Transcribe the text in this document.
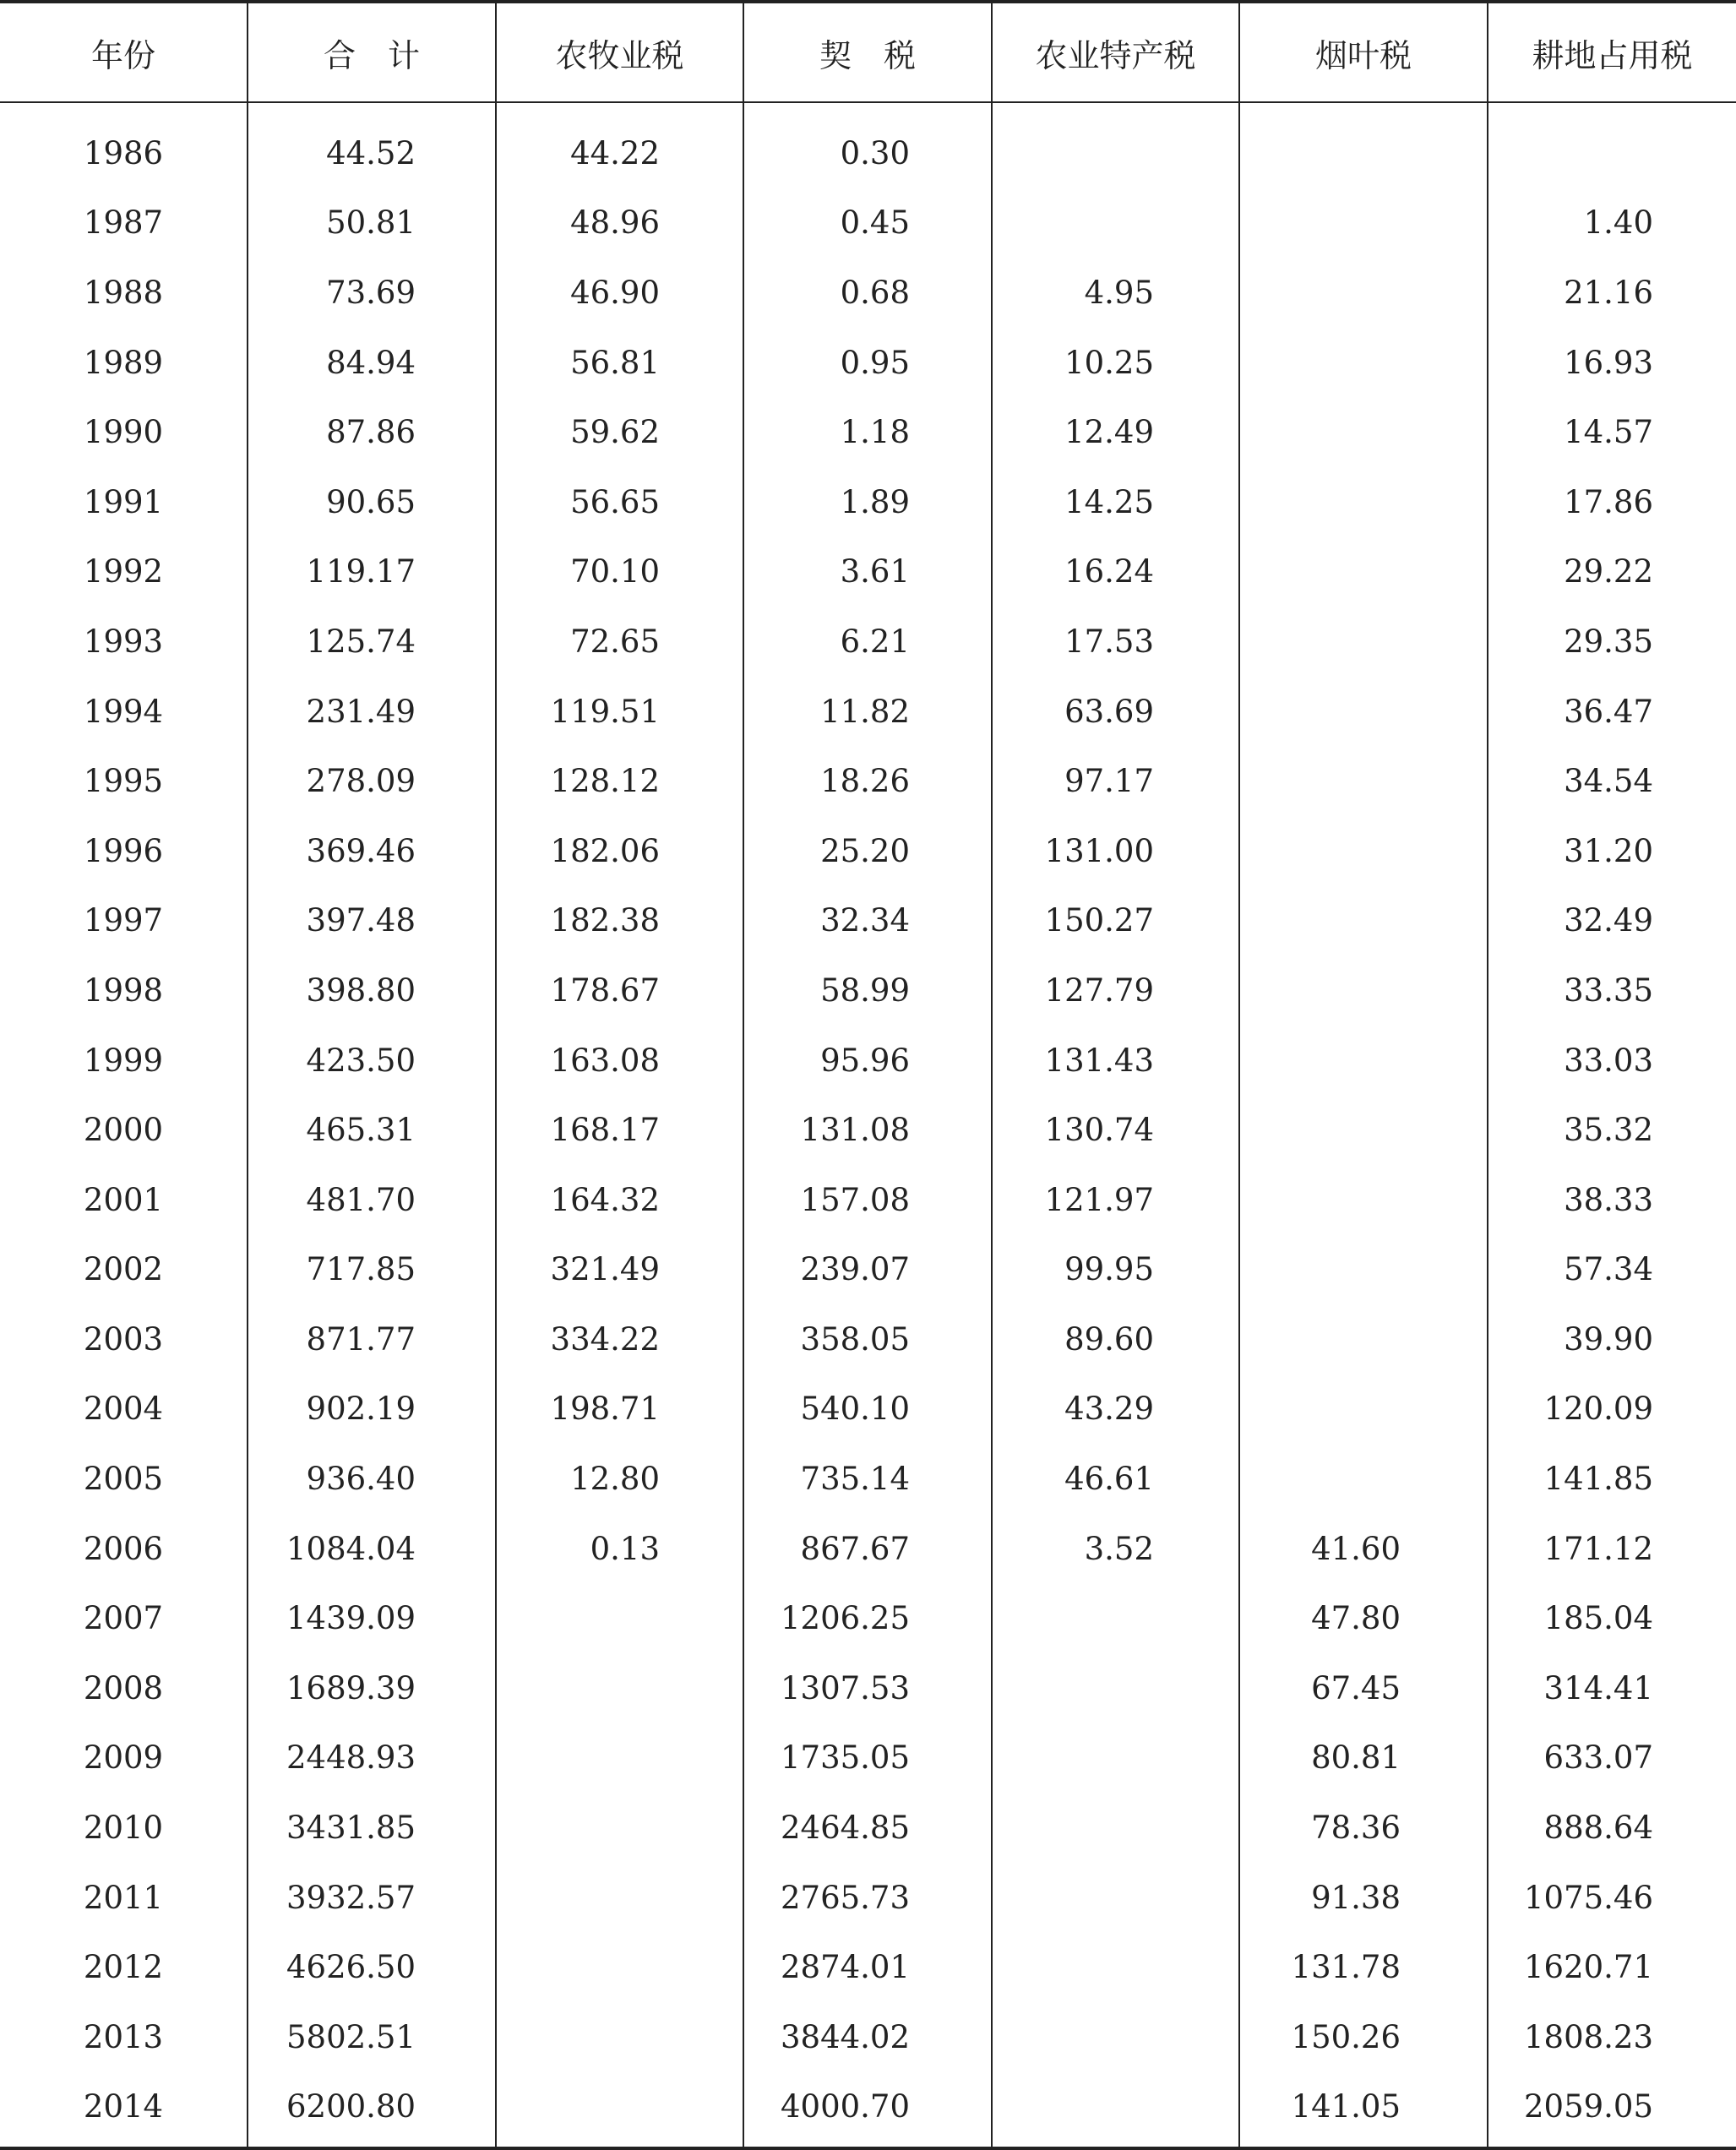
年份	合　计	农牧业税	契　税	农业特产税	烟叶税	耕地占用税
1986	44.52	44.22	0.30			
1987	50.81	48.96	0.45			1.40
1988	73.69	46.90	0.68	4.95		21.16
1989	84.94	56.81	0.95	10.25		16.93
1990	87.86	59.62	1.18	12.49		14.57
1991	90.65	56.65	1.89	14.25		17.86
1992	119.17	70.10	3.61	16.24		29.22
1993	125.74	72.65	6.21	17.53		29.35
1994	231.49	119.51	11.82	63.69		36.47
1995	278.09	128.12	18.26	97.17		34.54
1996	369.46	182.06	25.20	131.00		31.20
1997	397.48	182.38	32.34	150.27		32.49
1998	398.80	178.67	58.99	127.79		33.35
1999	423.50	163.08	95.96	131.43		33.03
2000	465.31	168.17	131.08	130.74		35.32
2001	481.70	164.32	157.08	121.97		38.33
2002	717.85	321.49	239.07	99.95		57.34
2003	871.77	334.22	358.05	89.60		39.90
2004	902.19	198.71	540.10	43.29		120.09
2005	936.40	12.80	735.14	46.61		141.85
2006	1084.04	0.13	867.67	3.52	41.60	171.12
2007	1439.09		1206.25		47.80	185.04
2008	1689.39		1307.53		67.45	314.41
2009	2448.93		1735.05		80.81	633.07
2010	3431.85		2464.85		78.36	888.64
2011	3932.57		2765.73		91.38	1075.46
2012	4626.50		2874.01		131.78	1620.71
2013	5802.51		3844.02		150.26	1808.23
2014	6200.80		4000.70		141.05	2059.05
